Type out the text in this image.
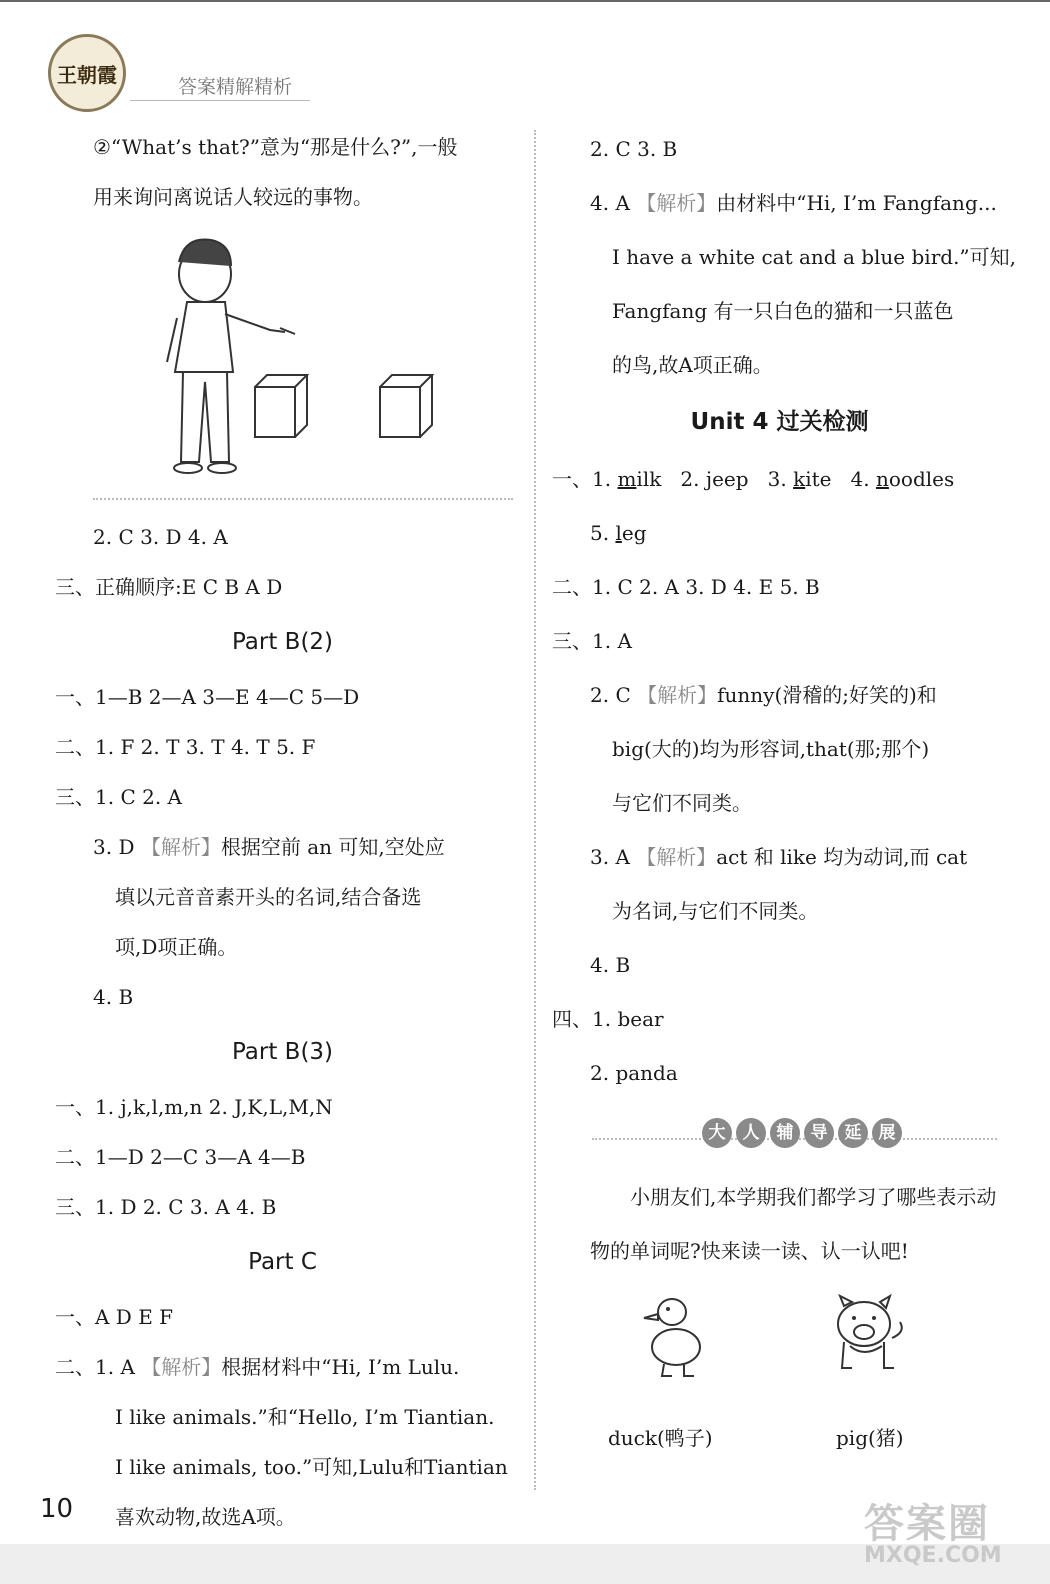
王朝霞
答案精解精析
②“What’s that?”意为“那是什么?”,一般
用来询问离说话人较远的事物。
2. C 3. D 4. A
三、正确顺序:E C B A D
Part B(2)
一、1—B 2—A 3—E 4—C 5—D
二、1. F 2. T 3. T 4. T 5. F
三、1. C 2. A
3. D 【解析】根据空前 an 可知,空处应
填以元音音素开头的名词,结合备选
项,D项正确。
4. B
Part B(3)
一、1. j,k,l,m,n 2. J,K,L,M,N
二、1—D 2—C 3—A 4—B
三、1. D 2. C 3. A 4. B
Part C
一、A D E F
二、1. A 【解析】根据材料中“Hi, I’m Lulu.
I like animals.”和“Hello, I’m Tiantian.
I like animals, too.”可知,Lulu和Tiantian
喜欢动物,故选A项。
2. C 3. B
4. A 【解析】由材料中“Hi, I’m Fangfang...
I have a white cat and a blue bird.”可知,
Fangfang 有一只白色的猫和一只蓝色
的鸟,故A项正确。
Unit 4 过关检测
一、1. milk   2. jeep   3. kite   4. noodles
5. leg
二、1. C 2. A 3. D 4. E 5. B
三、1. A
2. C 【解析】funny(滑稽的;好笑的)和
big(大的)均为形容词,that(那;那个)
与它们不同类。
3. A 【解析】act 和 like 均为动词,而 cat
为名词,与它们不同类。
4. B
四、1. bear
2. panda
大	人	辅	导	延	展
小朋友们,本学期我们都学习了哪些表示动物的单词呢?快来读一读、认一认吧!
duck(鸭子)	pig(猪)
10	答案圈
MXQE.COM
